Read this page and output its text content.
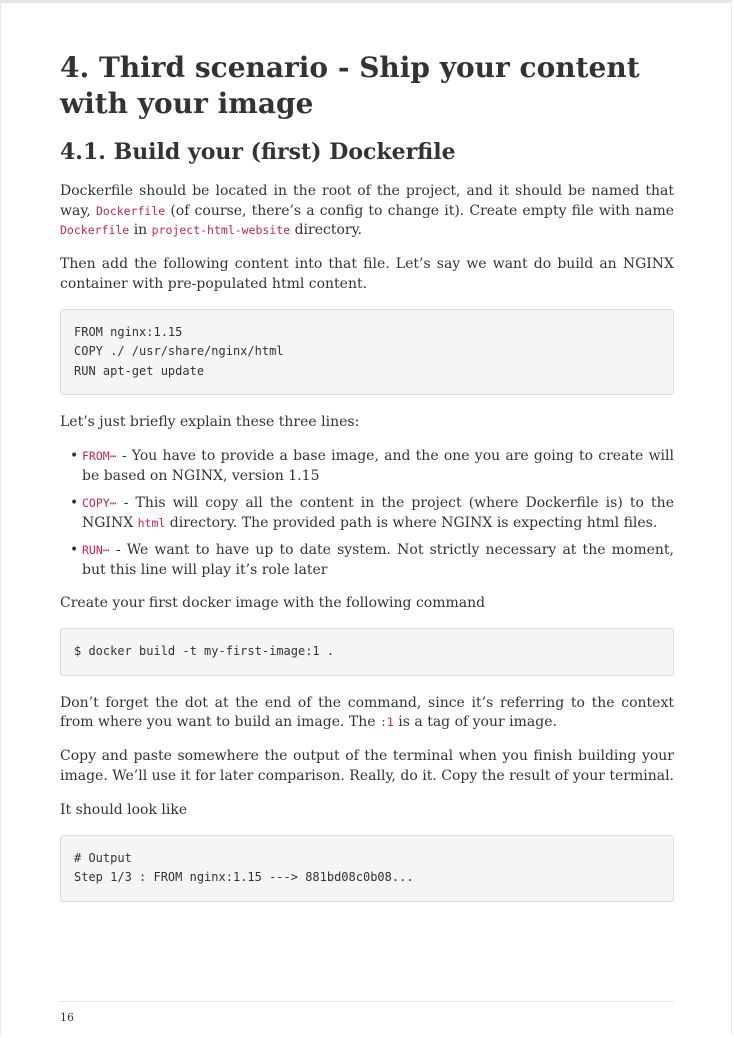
4. Third scenario - Ship your content with your image
4.1. Build your (first) Dockerfile

Dockerfile should be located in the root of the project, and it should be named that way, Dockerfile (of course, there’s a config to change it). Create empty file with name Dockerfile in project-html-website directory.

Then add the following content into that file. Let’s say we want do build an NGINX container with pre-populated html content.

FROM nginx:1.15
COPY ./ /usr/share/nginx/html
RUN apt-get update

Let’s just briefly explain these three lines:

• FROM⋯ - You have to provide a base image, and the one you are going to create will be based on NGINX, version 1.15
• COPY⋯ - This will copy all the content in the project (where Dockerfile is) to the NGINX html directory. The provided path is where NGINX is expecting html files.
• RUN⋯ - We want to have up to date system. Not strictly necessary at the moment, but this line will play it’s role later

Create your first docker image with the following command

$ docker build -t my-first-image:1 .

Don’t forget the dot at the end of the command, since it’s referring to the context from where you want to build an image. The :1 is a tag of your image.

Copy and paste somewhere the output of the terminal when you finish building your image. We’ll use it for later comparison. Really, do it. Copy the result of your terminal.

It should look like

# Output
Step 1/3 : FROM nginx:1.15 ---> 881bd08c0b08...
16
